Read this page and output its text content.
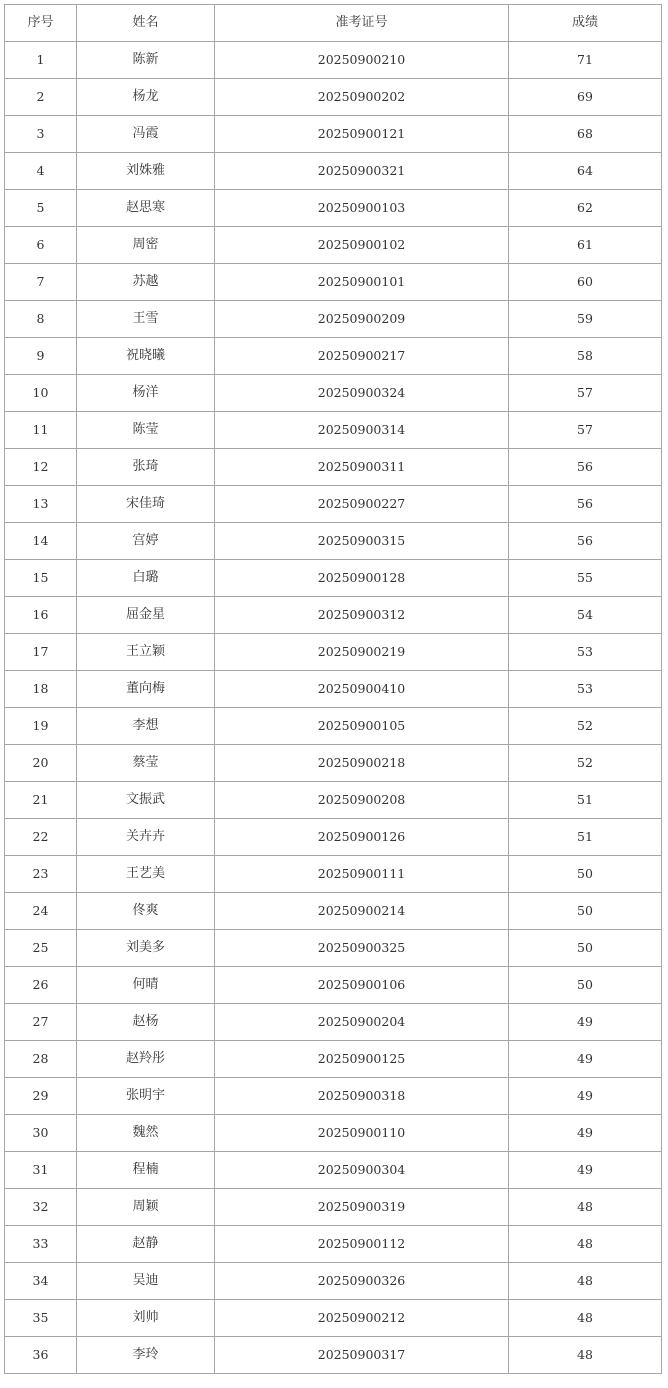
序号	姓名	准考证号	成绩
1	陈新	20250900210	71
2	杨龙	20250900202	69
3	冯霞	20250900121	68
4	刘姝雅	20250900321	64
5	赵思寒	20250900103	62
6	周密	20250900102	61
7	苏越	20250900101	60
8	王雪	20250900209	59
9	祝晓曦	20250900217	58
10	杨洋	20250900324	57
11	陈莹	20250900314	57
12	张琦	20250900311	56
13	宋佳琦	20250900227	56
14	宫婷	20250900315	56
15	白璐	20250900128	55
16	屈金星	20250900312	54
17	王立颖	20250900219	53
18	董向梅	20250900410	53
19	李想	20250900105	52
20	蔡莹	20250900218	52
21	文振武	20250900208	51
22	关卉卉	20250900126	51
23	王艺美	20250900111	50
24	佟爽	20250900214	50
25	刘美多	20250900325	50
26	何晴	20250900106	50
27	赵杨	20250900204	49
28	赵羚彤	20250900125	49
29	张明宇	20250900318	49
30	魏然	20250900110	49
31	程楠	20250900304	49
32	周颖	20250900319	48
33	赵静	20250900112	48
34	吴迪	20250900326	48
35	刘帅	20250900212	48
36	李玲	20250900317	48
